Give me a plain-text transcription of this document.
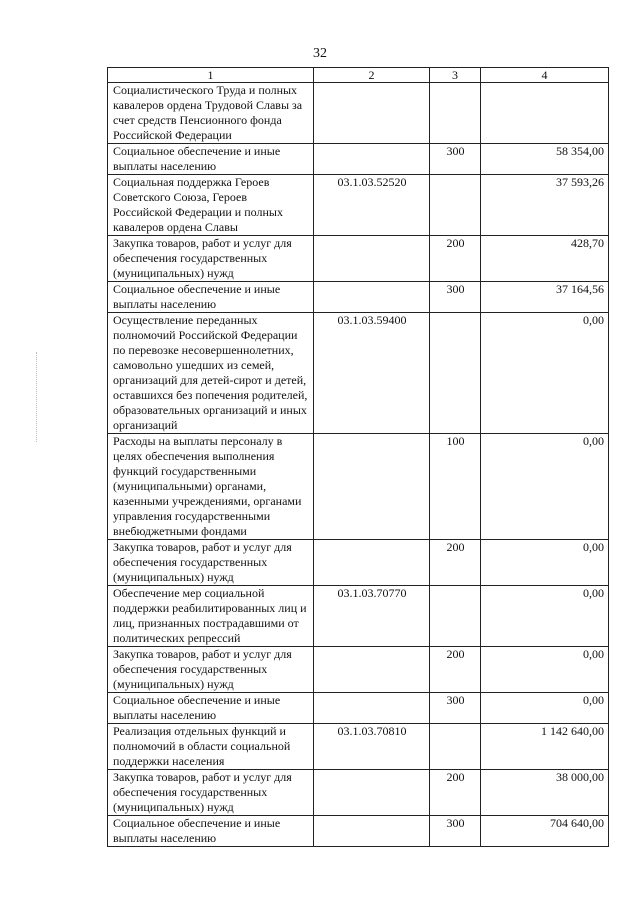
32
1	2	3	4
Социалистического Труда и полных кавалеров ордена Трудовой Славы за счет средств Пенсионного фонда Российской Федерации			
Социальное обеспечение и иные выплаты населению		300	58 354,00
Социальная поддержка Героев Советского Союза, Героев Российской Федерации и полных кавалеров ордена Славы	03.1.03.52520		37 593,26
Закупка товаров, работ и услуг для обеспечения государственных (муниципальных) нужд		200	428,70
Социальное обеспечение и иные выплаты населению		300	37 164,56
Осуществление переданных полномочий Российской Федерации по перевозке несовершеннолетних, самовольно ушедших из семей, организаций для детей-сирот и детей, оставшихся без попечения родителей, образовательных организаций и иных организаций	03.1.03.59400		0,00
Расходы на выплаты персоналу в целях обеспечения выполнения функций государственными (муниципальными) органами, казенными учреждениями, органами управления государственными внебюджетными фондами		100	0,00
Закупка товаров, работ и услуг для обеспечения государственных (муниципальных) нужд		200	0,00
Обеспечение мер социальной поддержки реабилитированных лиц и лиц, признанных пострадавшими от политических репрессий	03.1.03.70770		0,00
Закупка товаров, работ и услуг для обеспечения государственных (муниципальных) нужд		200	0,00
Социальное обеспечение и иные выплаты населению		300	0,00
Реализация отдельных функций и полномочий в области социальной поддержки населения	03.1.03.70810		1 142 640,00
Закупка товаров, работ и услуг для обеспечения государственных (муниципальных) нужд		200	38 000,00
Социальное обеспечение и иные выплаты населению		300	704 640,00
